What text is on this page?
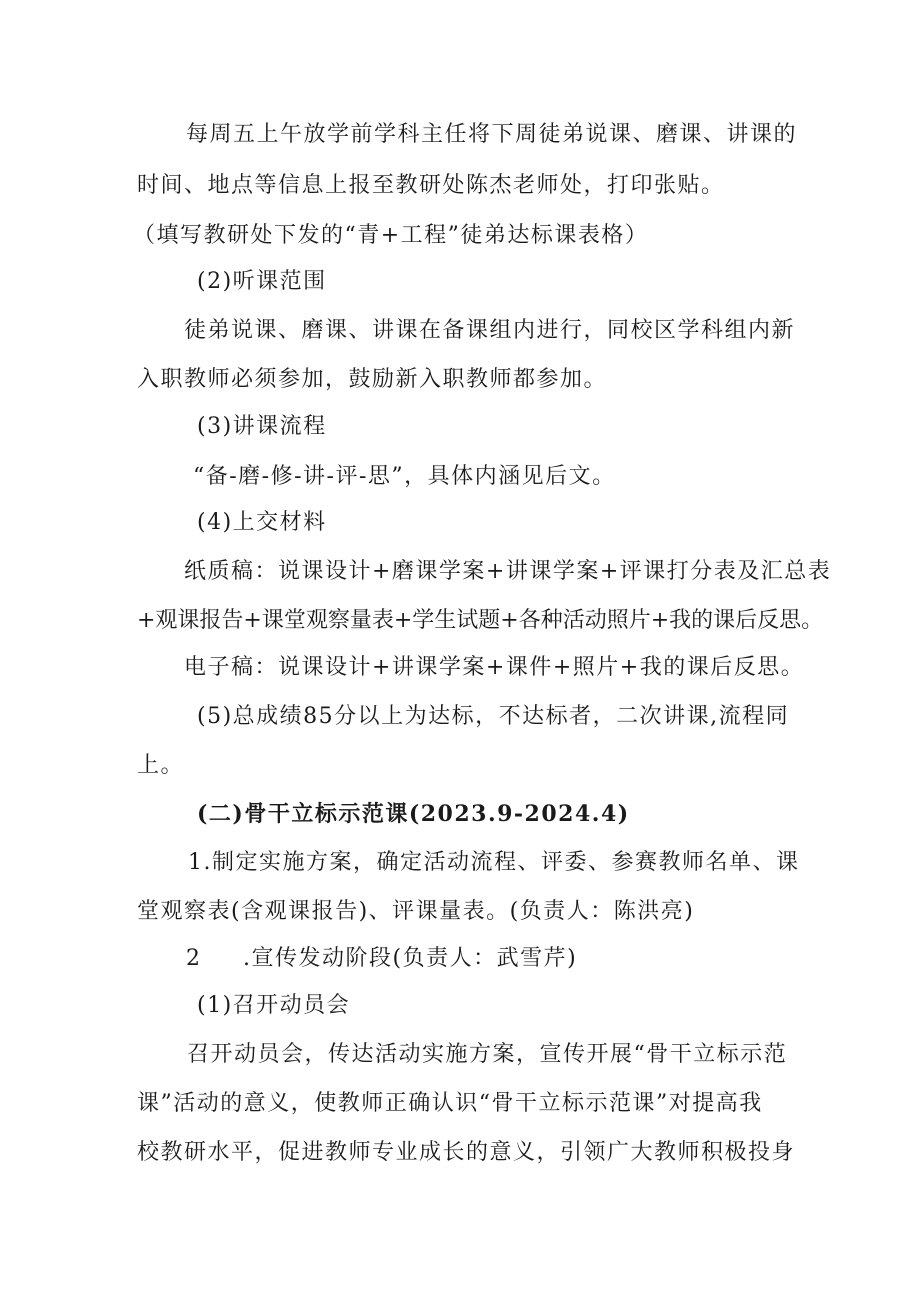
每周五上午放学前学科主任将下周徒弟说课、磨课、讲课的
时间、地点等信息上报至教研处陈杰老师处，打印张贴。
（填写教研处下发的“青+工程”徒弟达标课表格）
(2)听课范围
徒弟说课、磨课、讲课在备课组内进行，同校区学科组内新
入职教师必须参加，鼓励新入职教师都参加。
(3)讲课流程
“备-磨-修-讲-评-思”，具体内涵见后文。
(4)上交材料
纸质稿：说课设计+磨课学案+讲课学案+评课打分表及汇总表
+观课报告+课堂观察量表+学生试题+各种活动照片+我的课后反思。
电子稿：说课设计+讲课学案+课件+照片+我的课后反思。
(5)总成绩85分以上为达标，不达标者，二次讲课,流程同
上。
(二)骨干立标示范课(2023.9-2024.4)
1.制定实施方案，确定活动流程、评委、参赛教师名单、课
堂观察表(含观课报告)、评课量表。(负责人：陈洪亮)
2 .宣传发动阶段(负责人：武雪芹)
(1)召开动员会
召开动员会，传达活动实施方案，宣传开展“骨干立标示范
课”活动的意义，使教师正确认识“骨干立标示范课”对提高我
校教研水平，促进教师专业成长的意义，引领广大教师积极投身
